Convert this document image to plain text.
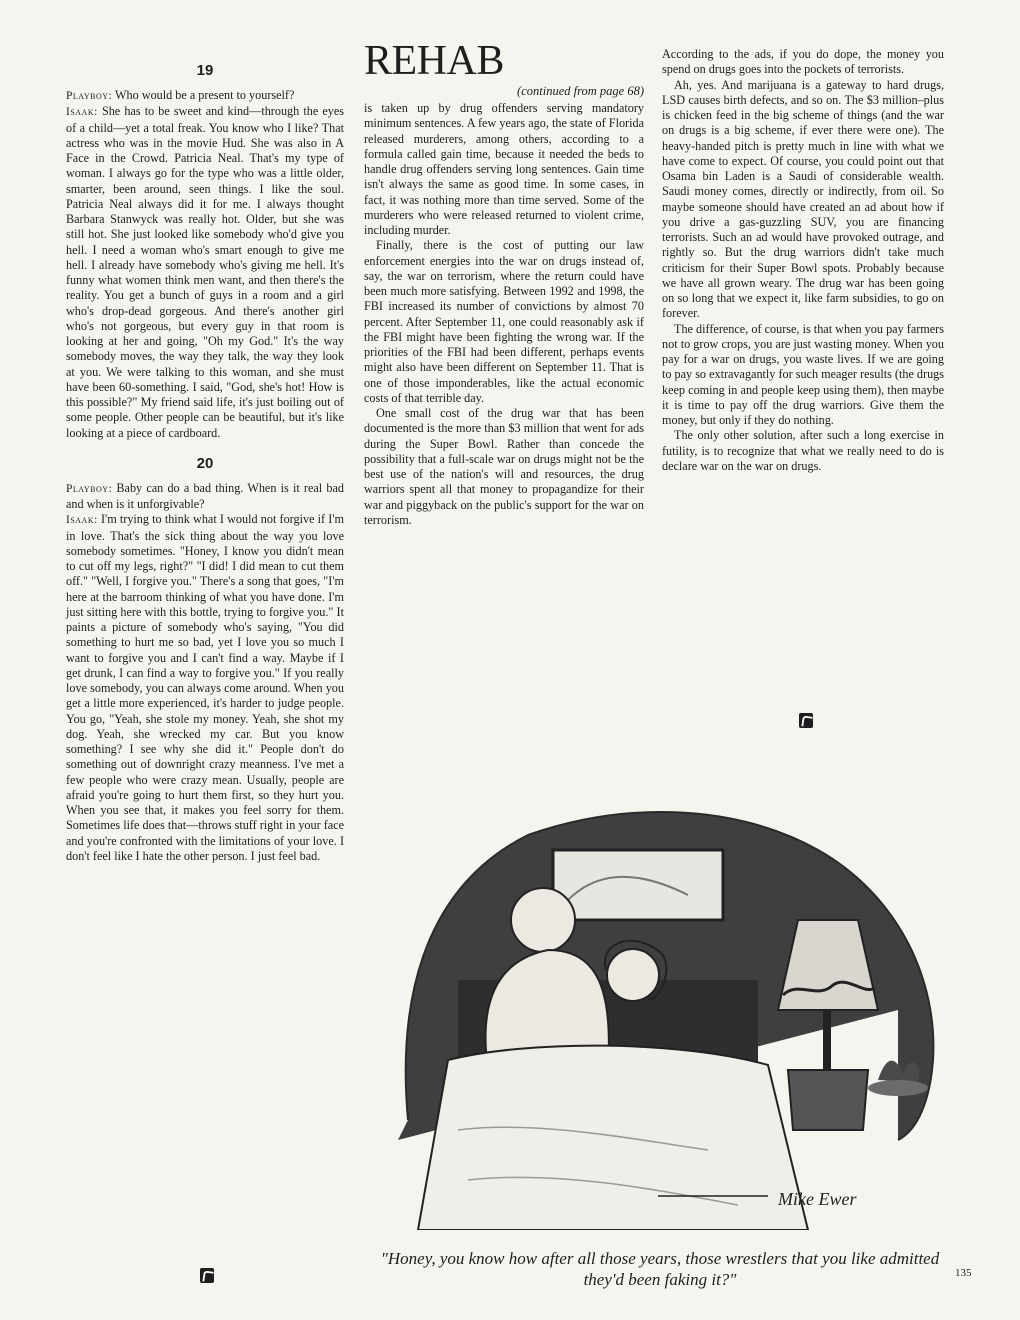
19

Playboy: Who would be a present to yourself?

Isaak: She has to be sweet and kind—through the eyes of a child—yet a total freak. You know who I like? That actress who was in the movie Hud. She was also in A Face in the Crowd. Patricia Neal. That's my type of woman. I always go for the type who was a little older, smarter, been around, seen things. I like the soul. Patricia Neal always did it for me. I always thought Barbara Stanwyck was really hot. Older, but she was still hot. She just looked like somebody who'd give you hell. I need a woman who's smart enough to give me hell. I already have somebody who's giving me hell. It's funny what women think men want, and then there's the reality. You get a bunch of guys in a room and a girl who's drop-dead gorgeous. And there's another girl who's not gorgeous, but every guy in that room is looking at her and going, "Oh my God." It's the way somebody moves, the way they talk, the way they look at you. We were talking to this woman, and she must have been 60-something. I said, "God, she's hot! How is this possible?" My friend said life, it's just boiling out of some people. Other people can be beautiful, but it's like looking at a piece of cardboard.

20

Playboy: Baby can do a bad thing. When is it real bad and when is it unforgivable?

Isaak: I'm trying to think what I would not forgive if I'm in love. That's the sick thing about the way you love somebody sometimes. "Honey, I know you didn't mean to cut off my legs, right?" "I did! I did mean to cut them off." "Well, I forgive you." There's a song that goes, "I'm here at the barroom thinking of what you have done. I'm just sitting here with this bottle, trying to forgive you." It paints a picture of somebody who's saying, "You did something to hurt me so bad, yet I love you so much I want to forgive you and I can't find a way. Maybe if I get drunk, I can find a way to forgive you." If you really love somebody, you can always come around. When you get a little more experienced, it's harder to judge people. You go, "Yeah, she stole my money. Yeah, she shot my dog. Yeah, she wrecked my car. But you know something? I see why she did it." People don't do something out of downright crazy meanness. I've met a few people who were crazy mean. Usually, people are afraid you're going to hurt them first, so they hurt you. When you see that, it makes you feel sorry for them. Sometimes life does that—throws stuff right in your face and you're confronted with the limitations of your love. I don't feel like I hate the other person. I just feel bad.

REHAB
(continued from page 68)

is taken up by drug offenders serving mandatory minimum sentences. A few years ago, the state of Florida released murderers, among others, according to a formula called gain time, because it needed the beds to handle drug offenders serving long sentences. Gain time isn't always the same as good time. In some cases, in fact, it was nothing more than time served. Some of the murderers who were released returned to violent crime, including murder.

Finally, there is the cost of putting our law enforcement energies into the war on drugs instead of, say, the war on terrorism, where the return could have been much more satisfying. Between 1992 and 1998, the FBI increased its number of convictions by almost 70 percent. After September 11, one could reasonably ask if the FBI might have been fighting the wrong war. If the priorities of the FBI had been different, perhaps events might also have been different on September 11. That is one of those imponderables, like the actual economic costs of that terrible day.

One small cost of the drug war that has been documented is the more than $3 million that went for ads during the Super Bowl. Rather than concede the possibility that a full-scale war on drugs might not be the best use of the nation's will and resources, the drug warriors spent all that money to propagandize for their war and piggyback on the public's support for the war on terrorism.

According to the ads, if you do dope, the money you spend on drugs goes into the pockets of terrorists.

Ah, yes. And marijuana is a gateway to hard drugs, LSD causes birth defects, and so on. The $3 million–plus is chicken feed in the big scheme of things (and the war on drugs is a big scheme, if ever there were one). The heavy-handed pitch is pretty much in line with what we have come to expect. Of course, you could point out that Osama bin Laden is a Saudi of considerable wealth. Saudi money comes, directly or indirectly, from oil. So maybe someone should have created an ad about how if you drive a gas-guzzling SUV, you are financing terrorists. Such an ad would have provoked outrage, and rightly so. But the drug warriors didn't take much criticism for their Super Bowl spots. Probably because we have all grown weary. The drug war has been going on so long that we expect it, like farm subsidies, to go on forever.

The difference, of course, is that when you pay farmers not to grow crops, you are just wasting money. When you pay for a war on drugs, you waste lives. If we are going to pay so extravagantly for such meager results (the drugs keep coming in and people keep using them), then maybe it is time to pay off the drug warriors. Give them the money, but only if they do nothing.

The only other solution, after such a long exercise in futility, is to recognize that what we really need to do is declare war on the war on drugs.

Mike Ewer
"Honey, you know how after all those years, those wrestlers that you like admitted they'd been faking it?"	135
